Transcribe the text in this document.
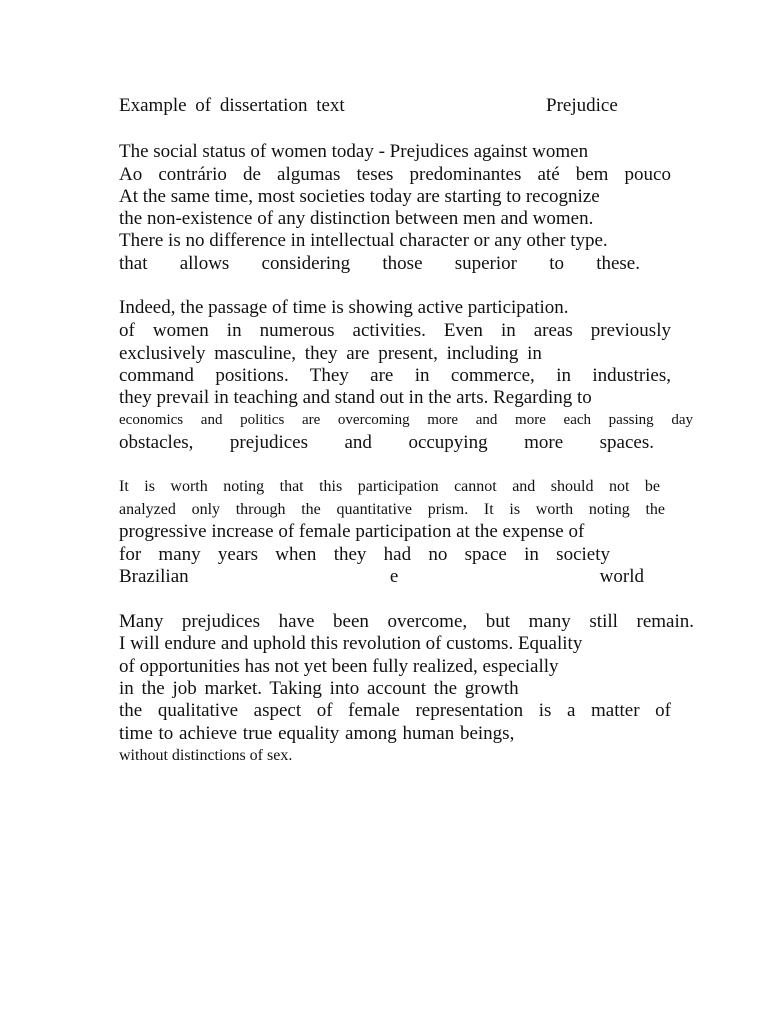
Example of dissertation text	Prejudice
The social status of women today - Prejudices against women
Ao contrário de algumas teses predominantes até bem pouco
At the same time, most societies today are starting to recognize
the non-existence of any distinction between men and women.
There is no difference in intellectual character or any other type.
that allows considering those superior to these.
Indeed, the passage of time is showing active participation.
of women in numerous activities. Even in areas previously
exclusively masculine, they are present, including in
command positions. They are in commerce, in industries,
they prevail in teaching and stand out in the arts. Regarding to
economics and politics are overcoming more and more each passing day
obstacles, prejudices and occupying more spaces.
It is worth noting that this participation cannot and should not be
analyzed only through the quantitative prism. It is worth noting the
progressive increase of female participation at the expense of
for many years when they had no space in society
Brazilian e world
Many prejudices have been overcome, but many still remain.
I will endure and uphold this revolution of customs. Equality
of opportunities has not yet been fully realized, especially
in the job market. Taking into account the growth
the qualitative aspect of female representation is a matter of
time to achieve true equality among human beings,
without distinctions of sex.
